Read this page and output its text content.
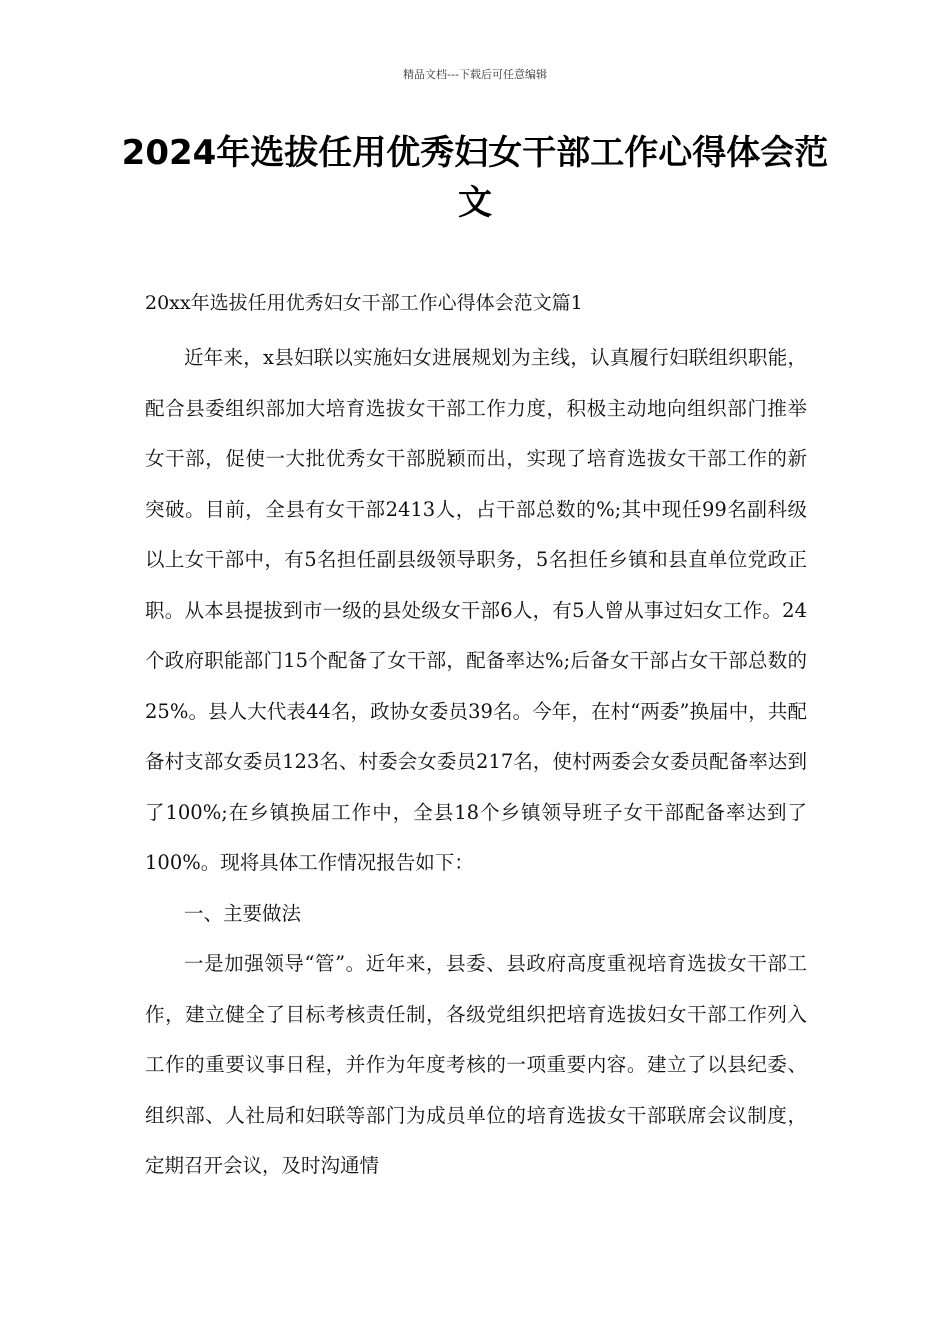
精品文档---下载后可任意编辑
2024年选拔任用优秀妇女干部工作心得体会范文
20xx年选拔任用优秀妇女干部工作心得体会范文篇1

近年来，x县妇联以实施妇女进展规划为主线，认真履行妇联组织职能，配合县委组织部加大培育选拔女干部工作力度，积极主动地向组织部门推举女干部，促使一大批优秀女干部脱颖而出，实现了培育选拔女干部工作的新突破。目前，全县有女干部2413人，占干部总数的%;其中现任99名副科级以上女干部中，有5名担任副县级领导职务，5名担任乡镇和县直单位党政正职。从本县提拔到市一级的县处级女干部6人，有5人曾从事过妇女工作。24个政府职能部门15个配备了女干部，配备率达%;后备女干部占女干部总数的25%。县人大代表44名，政协女委员39名。今年，在村“两委”换届中，共配备村支部女委员123名、村委会女委员217名，使村两委会女委员配备率达到了100%;在乡镇换届工作中，全县18个乡镇领导班子女干部配备率达到了100%。现将具体工作情况报告如下：

一、主要做法

一是加强领导“管”。近年来，县委、县政府高度重视培育选拔女干部工作，建立健全了目标考核责任制，各级党组织把培育选拔妇女干部工作列入工作的重要议事日程，并作为年度考核的一项重要内容。建立了以县纪委、组织部、人社局和妇联等部门为成员单位的培育选拔女干部联席会议制度，定期召开会议，及时沟通情
